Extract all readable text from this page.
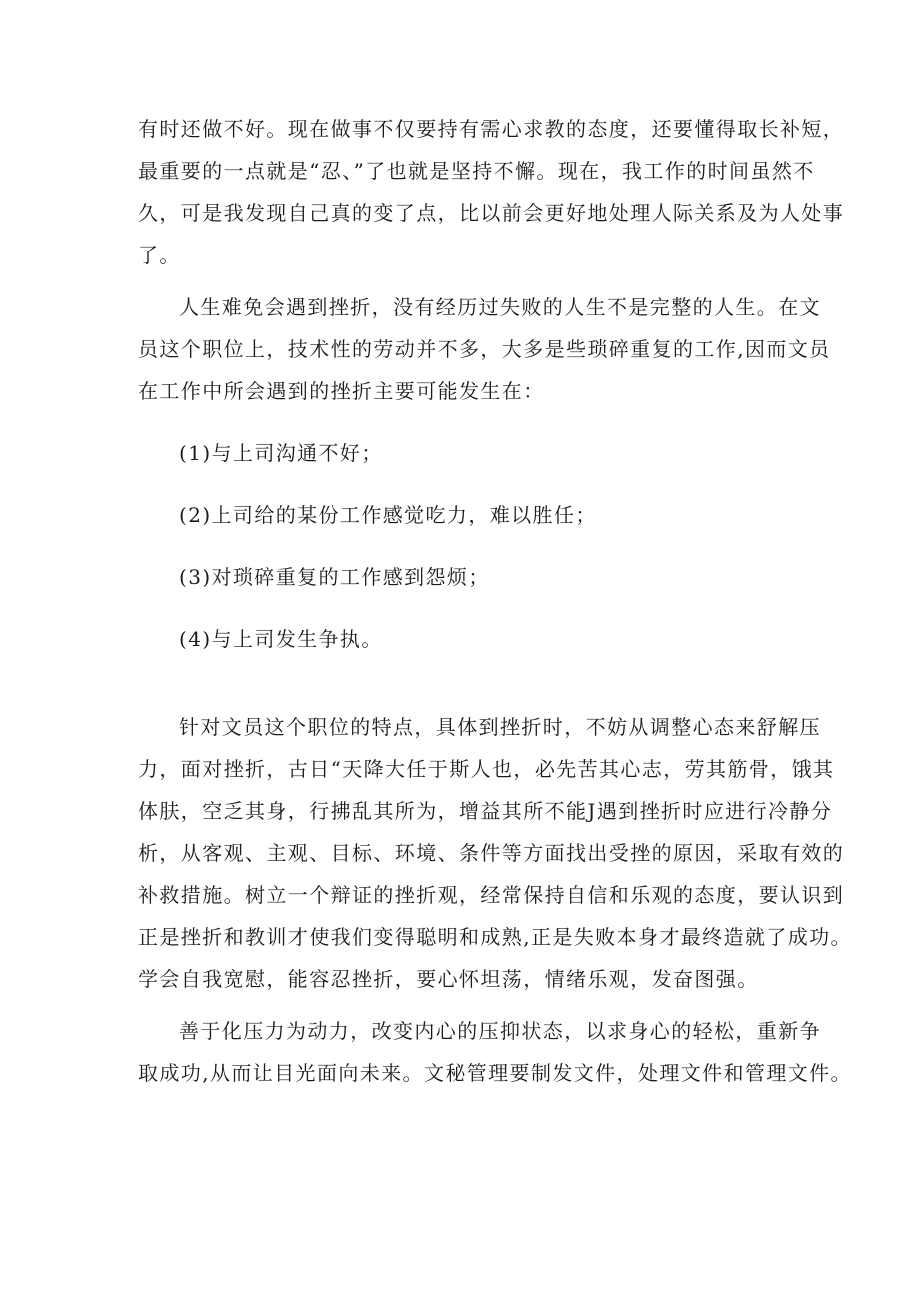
有时还做不好。现在做事不仅要持有需心求教的态度，还要懂得取长补短，
最重要的一点就是“忍、”了也就是坚持不懈。现在，我工作的时间虽然不
久，可是我发现自己真的变了点，比以前会更好地处理人际关系及为人处事
了。
人生难免会遇到挫折，没有经历过失败的人生不是完整的人生。在文
员这个职位上，技术性的劳动并不多，大多是些琐碎重复的工作,因而文员
在工作中所会遇到的挫折主要可能发生在：
(1)与上司沟通不好；
(2)上司给的某份工作感觉吃力，难以胜任；
(3)对琐碎重复的工作感到怨烦；
(4)与上司发生争执。
针对文员这个职位的特点，具体到挫折时，不妨从调整心态来舒解压
力，面对挫折，古日“天降大任于斯人也，必先苦其心志，劳其筋骨，饿其
体肤，空乏其身，行拂乱其所为，增益其所不能J遇到挫折时应进行冷静分
析，从客观、主观、目标、环境、条件等方面找出受挫的原因，采取有效的
补救措施。树立一个辩证的挫折观，经常保持自信和乐观的态度，要认识到
正是挫折和教训才使我们变得聪明和成熟,正是失败本身才最终造就了成功。
学会自我宽慰，能容忍挫折，要心怀坦荡，情绪乐观，发奋图强。
善于化压力为动力，改变内心的压抑状态，以求身心的轻松，重新争
取成功,从而让目光面向未来。文秘管理要制发文件，处理文件和管理文件。
